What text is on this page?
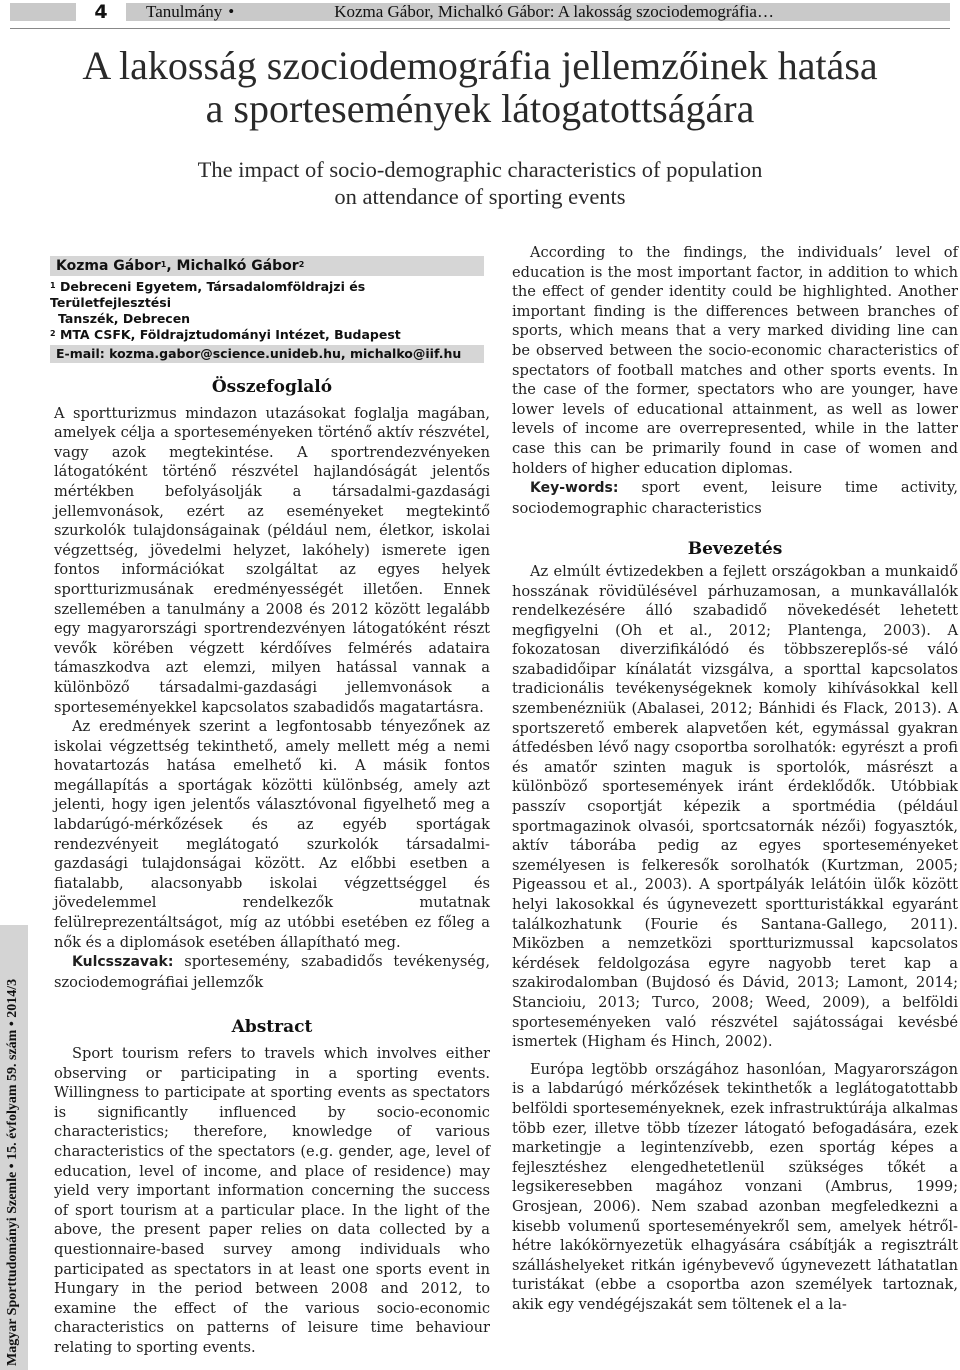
4	Tanulmány •	Kozma Gábor, Michalkó Gábor: A lakosság szociodemográfia…
A lakosság szociodemográfia jellemzőinek hatása
a sportesemények látogatottságára
The impact of socio-demographic characteristics of population
on attendance of sporting events
Magyar Sporttudományi Szemle • 15. évfolyam 59. szám • 2014/3
Kozma Gábor$^1$, Michalkó Gábor$^2$
$^1$ Debreceni Egyetem, Társadalomföldrajzi és Területfejlesztési
Tanszék, Debrecen
$^2$ MTA CSFK, Földrajztudományi Intézet, Budapest
E-mail: kozma.gabor@science.unideb.hu, michalko@iif.hu
Összefoglaló

A sportturizmus mindazon utazásokat foglalja magában, amelyek célja a sporteseményeken történő aktív részvétel, vagy azok megtekintése. A sportrendezvényeken látogatóként történő részvétel hajlandóságát jelentős mértékben befolyásolják a társadalmi-gazdasági jellemvonások, ezért az eseményeket megtekintő szurkolók tulajdonságainak (például nem, életkor, iskolai végzettség, jövedelmi helyzet, lakóhely) ismerete igen fontos információkat szolgáltat az egyes helyek sportturizmusának eredményességét illetően. Ennek szellemében a tanulmány a 2008 és 2012 között legalább egy magyarországi sportrendezvényen látogatóként részt vevők körében végzett kérdőíves felmérés adataira támaszkodva azt elemzi, milyen hatással vannak a különböző társadalmi-gazdasági jellemvonások a sporteseményekkel kapcsolatos szabadidős magatartásra.

Az eredmények szerint a legfontosabb tényezőnek az iskolai végzettség tekinthető, amely mellett még a nemi hovatartozás hatása emelhető ki. A másik fontos megállapítás a sportágak közötti különbség, amely azt jelenti, hogy igen jelentős választóvonal figyelhető meg a labdarúgó-mérkőzések és az egyéb sportágak rendezvényeit meglátogató szurkolók társadalmi-gazdasági tulajdonságai között. Az előbbi esetben a fiatalabb, alacsonyabb iskolai végzettséggel és jövedelemmel rendelkezők mutatnak felülreprezentáltságot, míg az utóbbi esetében ez főleg a nők és a diplomások esetében állapítható meg.

Kulcsszavak: sportesemény, szabadidős tevékenység, szociodemográfiai jellemzők

Abstract

Sport tourism refers to travels which involves either observing or participating in a sporting events. Willingness to participate at sporting events as spectators is significantly influenced by socio-economic characteristics; therefore, knowledge of various characteristics of the spectators (e.g. gender, age, level of education, level of income, and place of residence) may yield very important information concerning the success of sport tourism at a particular place. In the light of the above, the present paper relies on data collected by a questionnaire-based survey among individuals who participated as spectators in at least one sports event in Hungary in the period between 2008 and 2012, to examine the effect of the various socio-economic characteristics on patterns of leisure time behaviour relating to sporting events.

According to the findings, the individuals’ level of education is the most important factor, in addition to which the effect of gender identity could be highlighted. Another important finding is the differences between branches of sports, which means that a very marked dividing line can be observed between the socio-economic characteristics of spectators of football matches and other sports events. In the case of the former, spectators who are younger, have lower levels of educational attainment, as well as lower levels of income are overrepresented, while in the latter case this can be primarily found in case of women and holders of higher education diplomas.

Key-words: sport event, leisure time activity, sociodemographic characteristics

Bevezetés

Az elmúlt évtizedekben a fejlett országokban a munkaidő hosszának rövidülésével párhuzamosan, a munkavállalók rendelkezésére álló szabadidő növekedését lehetett megfigyelni (Oh et al., 2012; Plantenga, 2003). A fokozatosan diverzifikálódó és többszereplős-sé váló szabadidőipar kínálatát vizsgálva, a sporttal kapcsolatos tradicionális tevékenységeknek komoly kihívásokkal kell szembenézniük (Abalasei, 2012; Bánhidi és Flack, 2013). A sportszerető emberek alapvetően két, egymással gyakran átfedésben lévő nagy csoportba sorolhatók: egyrészt a profi és amatőr szinten maguk is sportolók, másrészt a különböző sportesemények iránt érdeklődők. Utóbbiak passzív csoportját képezik a sportmédia (például sportmagazinok olvasói, sportcsatornák nézői) fogyasztók, aktív táborába pedig az egyes sporteseményeket személyesen is felkeresők sorolhatók (Kurtzman, 2005; Pigeassou et al., 2003). A sportpályák lelátóin ülők között helyi lakosokkal és úgynevezett sportturistákkal egyaránt találkozhatunk (Fourie és Santana-Gallego, 2011). Miközben a nemzetközi sportturizmussal kapcsolatos kérdések feldolgozása egyre nagyobb teret kap a szakirodalomban (Bujdosó és Dávid, 2013; Lamont, 2014; Stancioiu, 2013; Turco, 2008; Weed, 2009), a belföldi sporteseményeken való részvétel sajátosságai kevésbé ismertek (Higham és Hinch, 2002).

Európa legtöbb országához hasonlóan, Magyarországon is a labdarúgó mérkőzések tekinthetők a leglátogatottabb belföldi sporteseményeknek, ezek infrastruktúrája alkalmas több ezer, illetve több tízezer látogató befogadására, ezek marketingje a legintenzívebb, ezen sportág képes a fejlesztéshez elengedhetetlenül szükséges tőkét a legsikeresebben magához vonzani (Ambrus, 1999; Grosjean, 2006). Nem szabad azonban megfeledkezni a kisebb volumenű sporteseményekről sem, amelyek hétről-hétre lakókörnyezetük elhagyására csábítják a regisztrált szálláshelyeket ritkán igénybevevő úgynevezett láthatatlan turistákat (ebbe a csoportba azon személyek tartoznak, akik egy vendégéjszakát sem töltenek el a la-
